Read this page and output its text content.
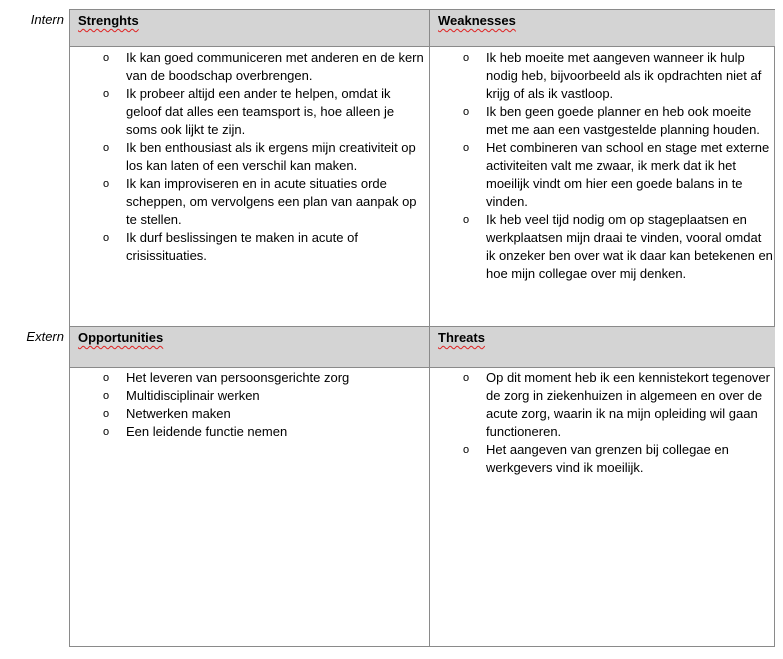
Intern
Extern
Strenghts	Weaknesses
Opportunities	Threats
o Ik kan goed communiceren met anderen en de kern van de boodschap overbrengen.
o Ik probeer altijd een ander te helpen, omdat ik geloof dat alles een teamsport is, hoe alleen je soms ook lijkt te zijn.
o Ik ben enthousiast als ik ergens mijn creativiteit op los kan laten of een verschil kan maken.
o Ik kan improviseren en in acute situaties orde scheppen, om vervolgens een plan van aanpak op te stellen.
o Ik durf beslissingen te maken in acute of crisissituaties.
o Ik heb moeite met aangeven wanneer ik hulp nodig heb, bijvoorbeeld als ik opdrachten niet af krijg of als ik vastloop.
o Ik ben geen goede planner en heb ook moeite met me aan een vastgestelde planning houden.
o Het combineren van school en stage met externe activiteiten valt me zwaar, ik merk dat ik het moeilijk vindt om hier een goede balans in te vinden.
o Ik heb veel tijd nodig om op stageplaatsen en werkplaatsen mijn draai te vinden, vooral omdat ik onzeker ben over wat ik daar kan betekenen en hoe mijn collegae over mij denken.
o Het leveren van persoonsgerichte zorg
o Multidisciplinair werken
o Netwerken maken
o Een leidende functie nemen
o Op dit moment heb ik een kennistekort tegenover de zorg in ziekenhuizen in algemeen en over de acute zorg, waarin ik na mijn opleiding wil gaan functioneren.
o Het aangeven van grenzen bij collegae en werkgevers vind ik moeilijk.
